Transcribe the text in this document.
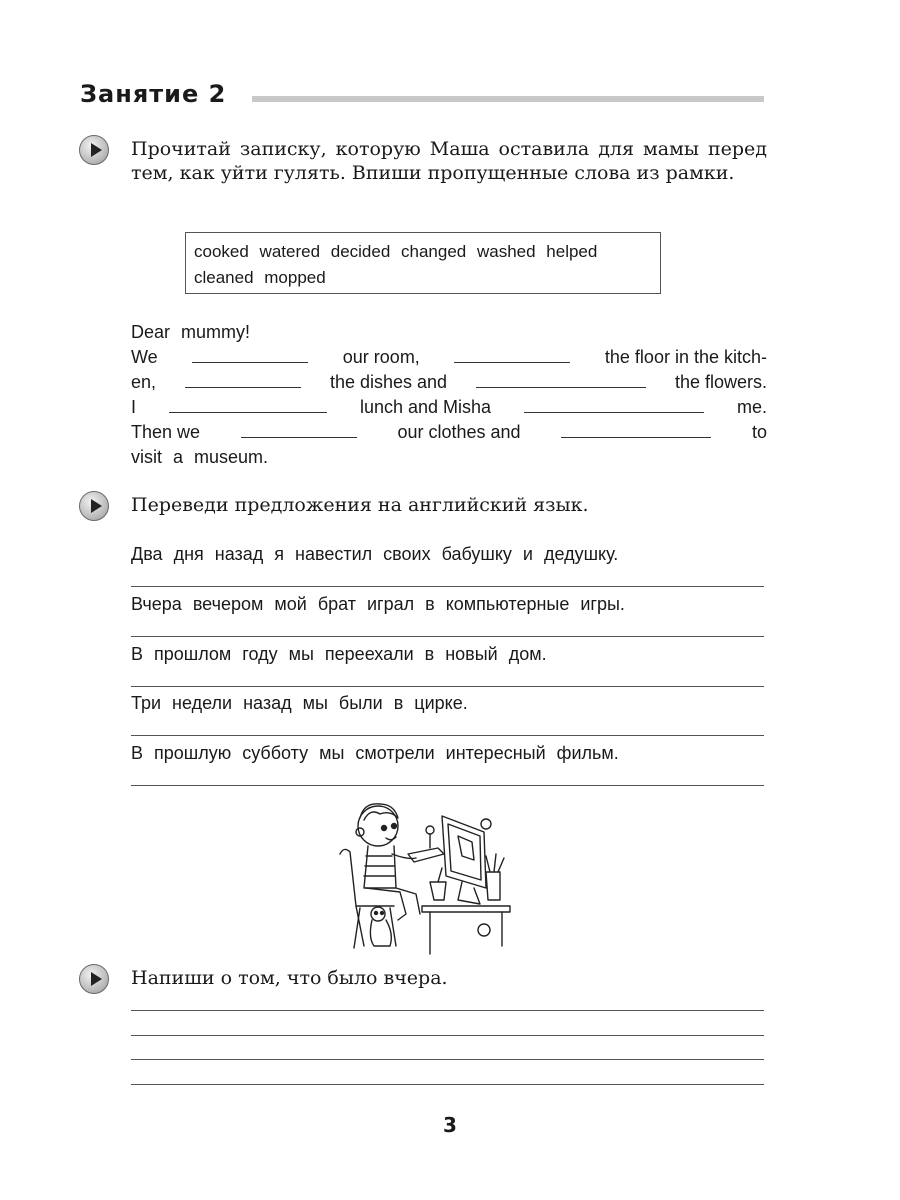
Занятие 2
Прочитай записку, которую Маша оставила для мамы перед тем, как уйти гулять. Впиши пропущенные слова из рамки.
cooked watered decided changed washed helped cleaned mopped
Dear mummy!
We	our room,	the floor in the kitch-
en,	the dishes and	the flowers.
I	lunch and Misha	me.
Then we	our clothes and	to
visit a museum.
Переведи предложения на английский язык.
Два дня назад я навестил своих бабушку и дедушку.
Вчера вечером мой брат играл в компьютерные игры.
В прошлом году мы переехали в новый дом.
Три недели назад мы были в цирке.
В прошлую субботу мы смотрели интересный фильм.
Напиши о том, что было вчера.
3
